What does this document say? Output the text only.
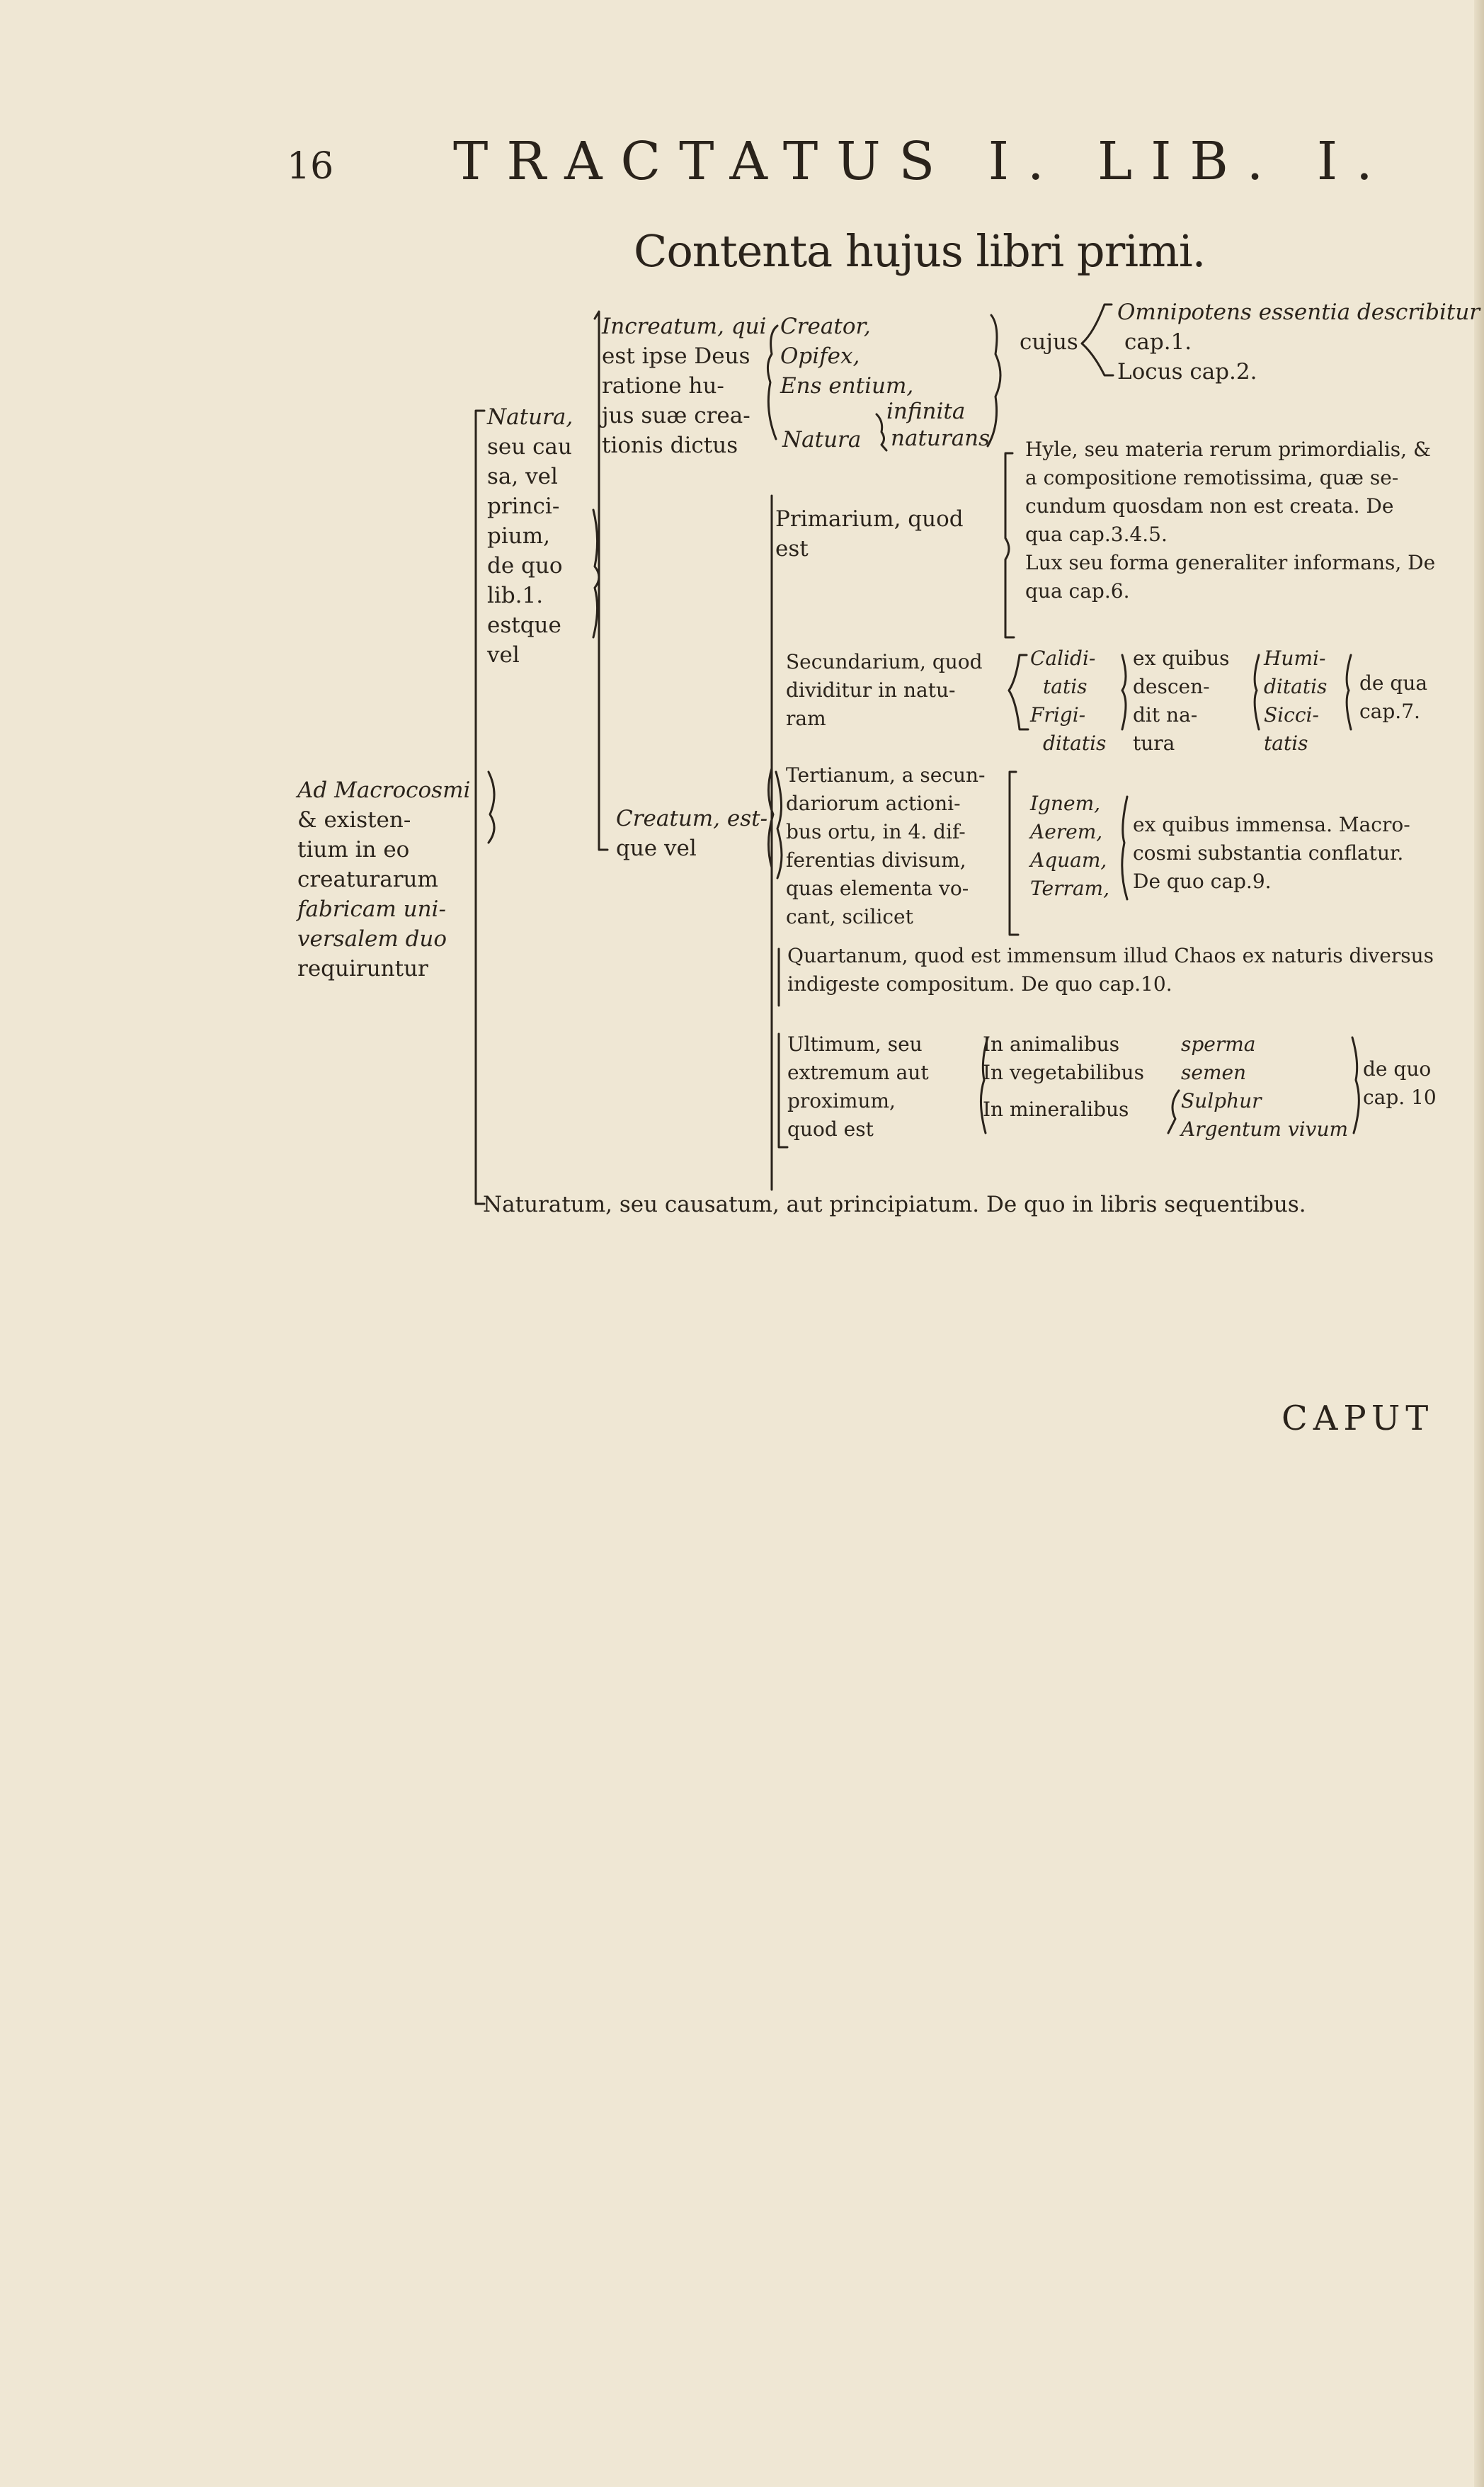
16 TRACTATUS I. LIB. I.
Contenta hujus libri primi.
Ad Macrocosmi
& existen-
tium in eo
creaturarum
fabricam uni-
versalem duo
requiruntur
Natura,
seu cau
sa, vel
princi-
pium,
de quo
lib.1.
estque
vel
Increatum, qui
est ipse Deus
ratione hu-
jus suæ crea-
tionis dictus
Creator,
Opifex,
Ens entium,
infinita
Natura naturans
cujus
Omnipotens essentia describitur
cap.1.
Locus cap.2.
Hyle, seu materia rerum primordialis, &
a compositione remotissima, quæ se-
cundum quosdam non est creata. De
qua cap.3.4.5.
Lux seu forma generaliter informans, De
qua cap.6.
Primarium, quod
est
Creatum, est-
que vel
Secundarium, quod
dividitur in natu-
ram
Calidi-
tatis
Frigi-
ditatis
ex quibus
descen-
dit na-
tura
Humi-
ditatis
Sicci-
tatis
de qua
cap.7.
Tertianum, a secun-
dariorum actioni-
bus ortu, in 4. dif-
ferentias divisum,
quas elementa vo-
cant, scilicet
Ignem,
Aerem,
Aquam,
Terram,
ex quibus immensa. Macro-
cosmi substantia conflatur.
De quo cap.9.
Quartanum, quod est immensum illud Chaos ex naturis diversus
indigeste compositum. De quo cap.10.
Ultimum, seu
extremum aut
proximum,
quod est
In animalibus
In vegetabilibus
In mineralibus
sperma
semen
Sulphur
Argentum vivum
de quo
cap. 10
Naturatum, seu causatum, aut principiatum. De quo in libris sequentibus.
CAPUT
